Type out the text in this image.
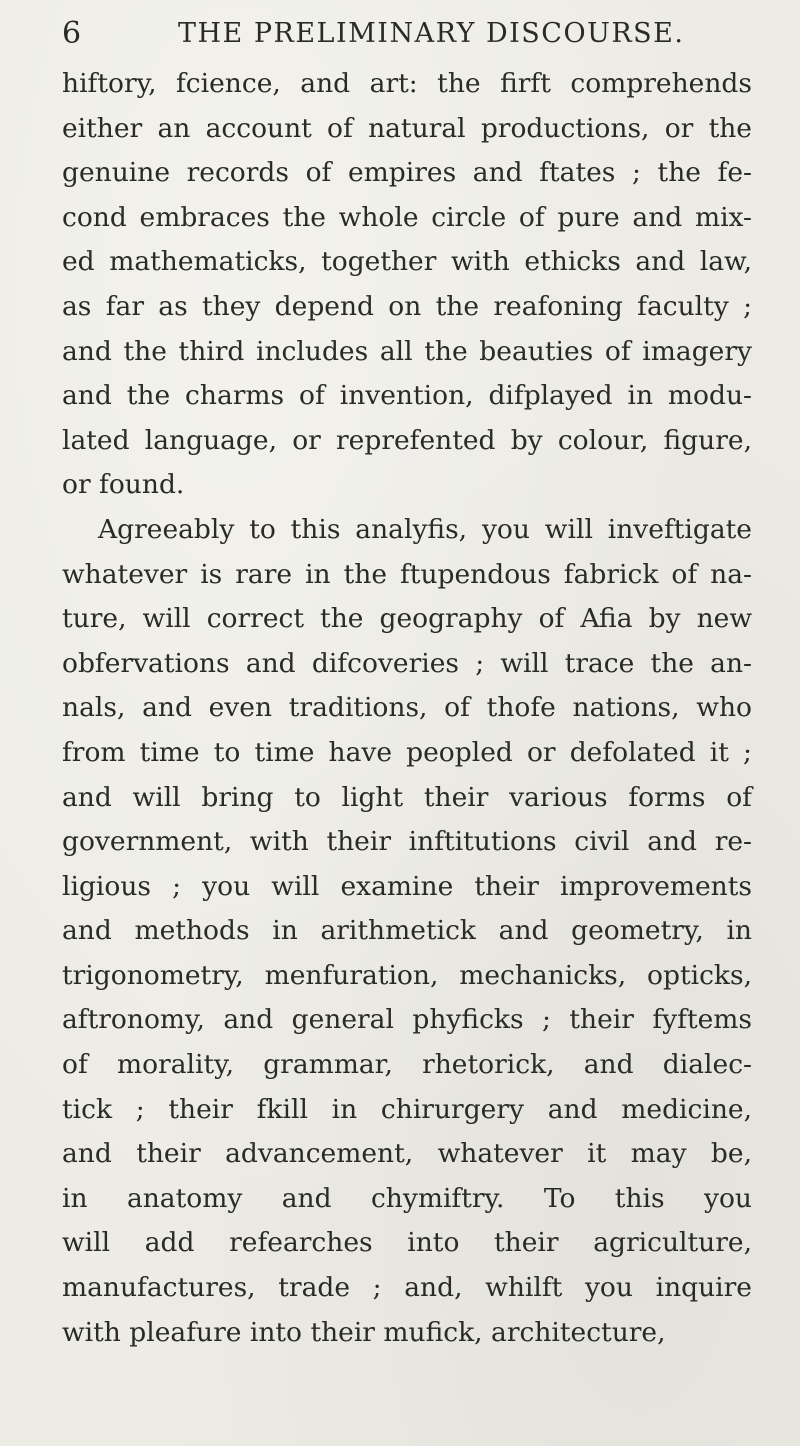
6	THE PRELIMINARY DISCOURSE.
hiftory, fcience, and art: the firft comprehends
either an account of natural productions, or the
genuine records of empires and ftates ; the fe-
cond embraces the whole circle of pure and mix-
ed mathematicks, together with ethicks and law,
as far as they depend on the reafoning faculty ;
and the third includes all the beauties of imagery
and the charms of invention, difplayed in modu-
lated language, or reprefented by colour, figure,
or found.
Agreeably to this analyfis, you will inveftigate
whatever is rare in the ftupendous fabrick of na-
ture, will correct the geography of Afia by new
obfervations and difcoveries ; will trace the an-
nals, and even traditions, of thofe nations, who
from time to time have peopled or defolated it ;
and will bring to light their various forms of
government, with their inftitutions civil and re-
ligious ; you will examine their improvements
and methods in arithmetick and geometry, in
trigonometry, menfuration, mechanicks, opticks,
aftronomy, and general phyficks ; their fyftems
of morality, grammar, rhetorick, and dialec-
tick ; their fkill in chirurgery and medicine,
and their advancement, whatever it may be,
in anatomy and chymiftry. To this you
will add refearches into their agriculture,
manufactures, trade ; and, whilft you inquire
with pleafure into their mufick, architecture,
